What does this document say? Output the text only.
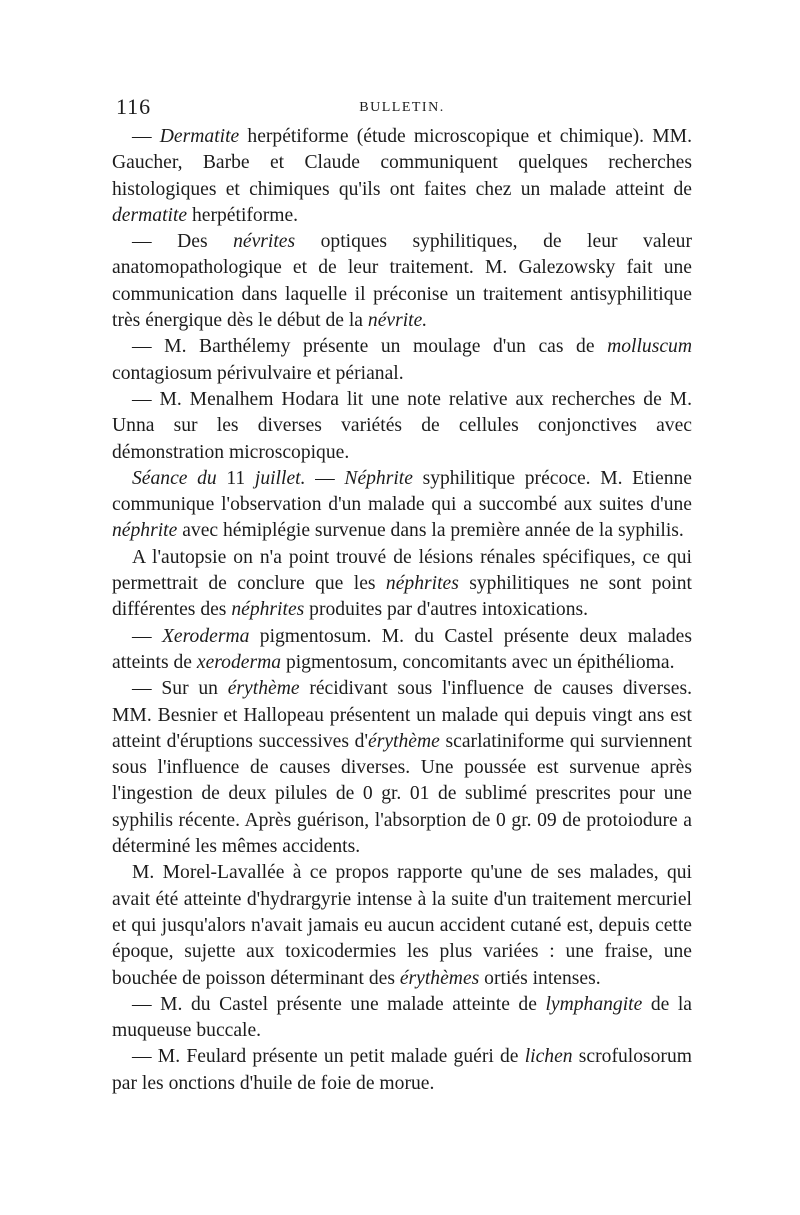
116	BULLETIN.

— Dermatite herpétiforme (étude microscopique et chimique). MM. Gaucher, Barbe et Claude communiquent quelques recherches histologiques et chimiques qu'ils ont faites chez un malade atteint de dermatite herpétiforme.

— Des névrites optiques syphilitiques, de leur valeur anatomopathologique et de leur traitement. M. Galezowsky fait une communication dans laquelle il préconise un traitement antisyphilitique très énergique dès le début de la névrite.

— M. Barthélemy présente un moulage d'un cas de molluscum contagiosum périvulvaire et périanal.

— M. Menalhem Hodara lit une note relative aux recherches de M. Unna sur les diverses variétés de cellules conjonctives avec démonstration microscopique.

Séance du 11 juillet. — Néphrite syphilitique précoce. M. Etienne communique l'observation d'un malade qui a succombé aux suites d'une néphrite avec hémiplégie survenue dans la première année de la syphilis.

A l'autopsie on n'a point trouvé de lésions rénales spécifiques, ce qui permettrait de conclure que les néphrites syphilitiques ne sont point différentes des néphrites produites par d'autres intoxications.

— Xeroderma pigmentosum. M. du Castel présente deux malades atteints de xeroderma pigmentosum, concomitants avec un épithélioma.

— Sur un érythème récidivant sous l'influence de causes diverses. MM. Besnier et Hallopeau présentent un malade qui depuis vingt ans est atteint d'éruptions successives d'érythème scarlatiniforme qui surviennent sous l'influence de causes diverses. Une poussée est survenue après l'ingestion de deux pilules de 0 gr. 01 de sublimé prescrites pour une syphilis récente. Après guérison, l'absorption de 0 gr. 09 de protoiodure a déterminé les mêmes accidents.

M. Morel-Lavallée à ce propos rapporte qu'une de ses malades, qui avait été atteinte d'hydrargyrie intense à la suite d'un traitement mercuriel et qui jusqu'alors n'avait jamais eu aucun accident cutané est, depuis cette époque, sujette aux toxicodermies les plus variées : une fraise, une bouchée de poisson déterminant des érythèmes ortiés intenses.

— M. du Castel présente une malade atteinte de lymphangite de la muqueuse buccale.

— M. Feulard présente un petit malade guéri de lichen scrofulosorum par les onctions d'huile de foie de morue.
